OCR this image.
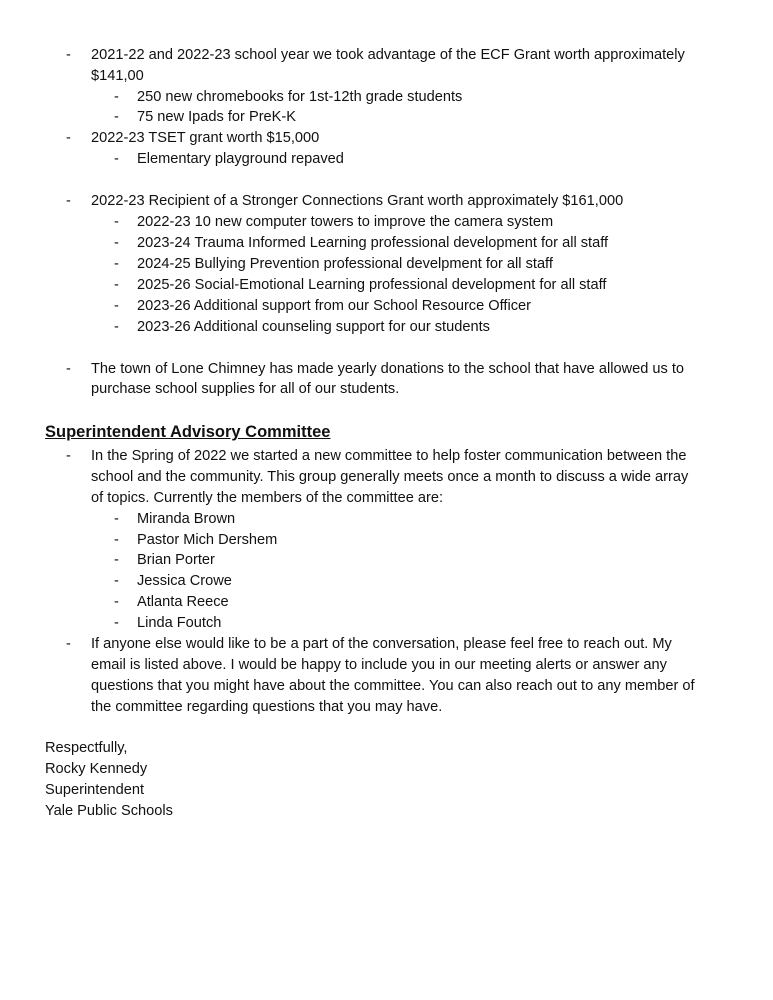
- 2021-22 and 2022-23 school year we took advantage of the ECF Grant worth approximately
$141,00
- 250 new chromebooks for 1st-12th grade students
- 75 new Ipads for PreK-K
- 2022-23 TSET grant worth $15,000
- Elementary playground repaved
- 2022-23 Recipient of a Stronger Connections Grant worth approximately $161,000
- 2022-23 10 new computer towers to improve the camera system
- 2023-24 Trauma Informed Learning professional development for all staff
- 2024-25 Bullying Prevention professional develpment for all staff
- 2025-26 Social-Emotional Learning professional development for all staff
- 2023-26 Additional support from our School Resource Officer
- 2023-26 Additional counseling support for our students
- The town of Lone Chimney has made yearly donations to the school that have allowed us to
purchase school supplies for all of our students.
Superintendent Advisory Committee
- In the Spring of 2022 we started a new committee to help foster communication between the
school and the community. This group generally meets once a month to discuss a wide array
of topics. Currently the members of the committee are:
- Miranda Brown
- Pastor Mich Dershem
- Brian Porter
- Jessica Crowe
- Atlanta Reece
- Linda Foutch
- If anyone else would like to be a part of the conversation, please feel free to reach out. My
email is listed above. I would be happy to include you in our meeting alerts or answer any
questions that you might have about the committee. You can also reach out to any member of
the committee regarding questions that you may have.
Respectfully,
Rocky Kennedy
Superintendent
Yale Public Schools
